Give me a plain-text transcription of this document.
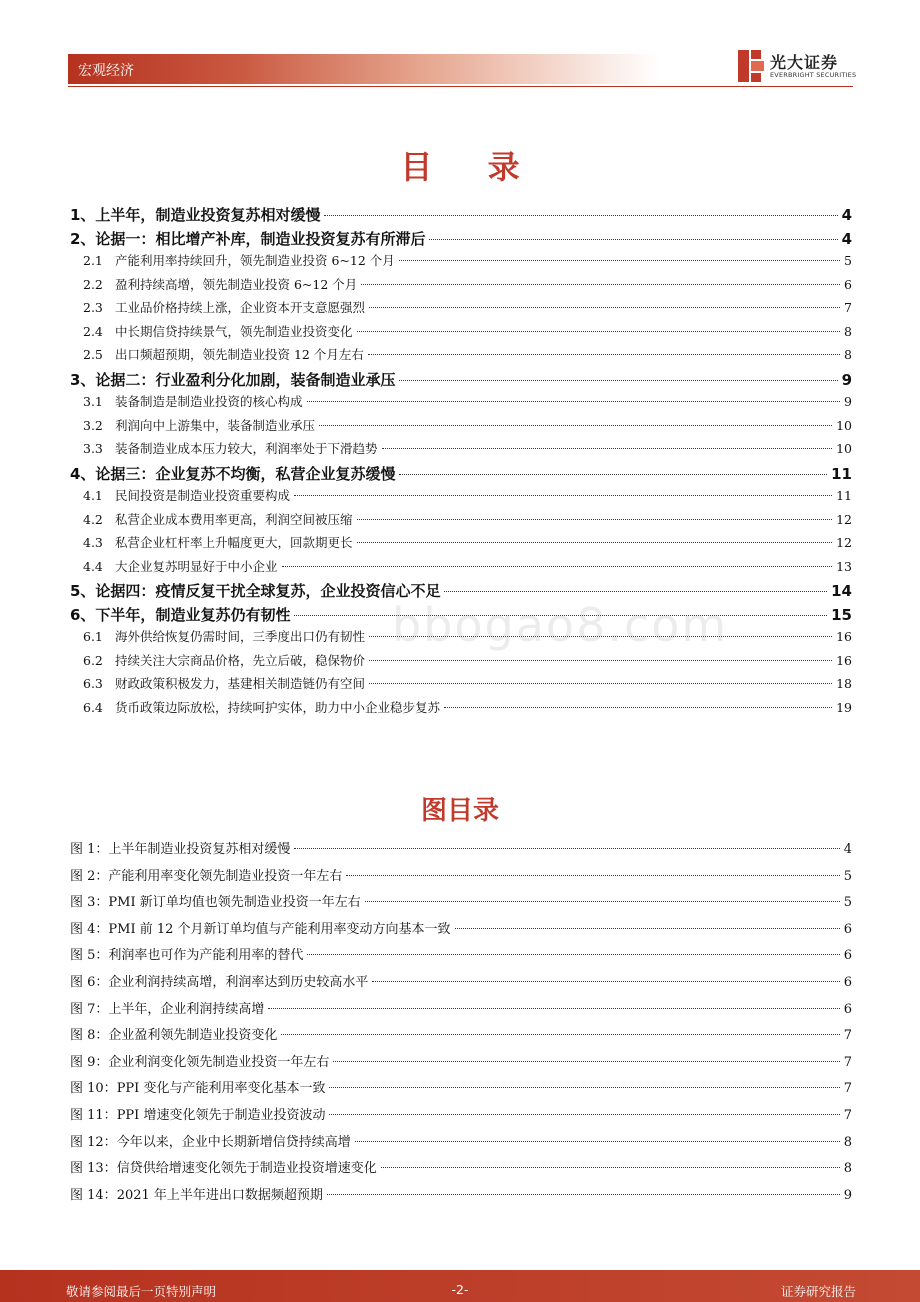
宏观经济	光大证券
EVERBRIGHT SECURITIES
目 录
1、上半年，制造业投资复苏相对缓慢	4
2、论据一：相比增产补库，制造业投资复苏有所滞后	4
2.1 产能利用率持续回升，领先制造业投资 6~12 个月	5
2.2 盈利持续高增，领先制造业投资 6~12 个月	6
2.3 工业品价格持续上涨，企业资本开支意愿强烈	7
2.4 中长期信贷持续景气，领先制造业投资变化	8
2.5 出口频超预期，领先制造业投资 12 个月左右	8
3、论据二：行业盈利分化加剧，装备制造业承压	9
3.1 装备制造是制造业投资的核心构成	9
3.2 利润向中上游集中，装备制造业承压	10
3.3 装备制造业成本压力较大，利润率处于下滑趋势	10
4、论据三：企业复苏不均衡，私营企业复苏缓慢	11
4.1 民间投资是制造业投资重要构成	11
4.2 私营企业成本费用率更高，利润空间被压缩	12
4.3 私营企业杠杆率上升幅度更大，回款期更长	12
4.4 大企业复苏明显好于中小企业	13
5、论据四：疫情反复干扰全球复苏，企业投资信心不足	14
6、下半年，制造业复苏仍有韧性	15
6.1 海外供给恢复仍需时间，三季度出口仍有韧性	16
6.2 持续关注大宗商品价格，先立后破，稳保物价	16
6.3 财政政策积极发力，基建相关制造链仍有空间	18
6.4 货币政策边际放松，持续呵护实体，助力中小企业稳步复苏	19
bbogao8.com
图目录
图 1： 上半年制造业投资复苏相对缓慢	4
图 2： 产能利用率变化领先制造业投资一年左右	5
图 3： PMI 新订单均值也领先制造业投资一年左右	5
图 4： PMI 前 12 个月新订单均值与产能利用率变动方向基本一致	6
图 5： 利润率也可作为产能利用率的替代	6
图 6： 企业利润持续高增，利润率达到历史较高水平	6
图 7： 上半年，企业利润持续高增	6
图 8： 企业盈利领先制造业投资变化	7
图 9： 企业利润变化领先制造业投资一年左右	7
图 10： PPI 变化与产能利用率变化基本一致	7
图 11： PPI 增速变化领先于制造业投资波动	7
图 12： 今年以来，企业中长期新增信贷持续高增	8
图 13： 信贷供给增速变化领先于制造业投资增速变化	8
图 14： 2021 年上半年进出口数据频超预期	9
敬请参阅最后一页特别声明	-2-	证券研究报告
